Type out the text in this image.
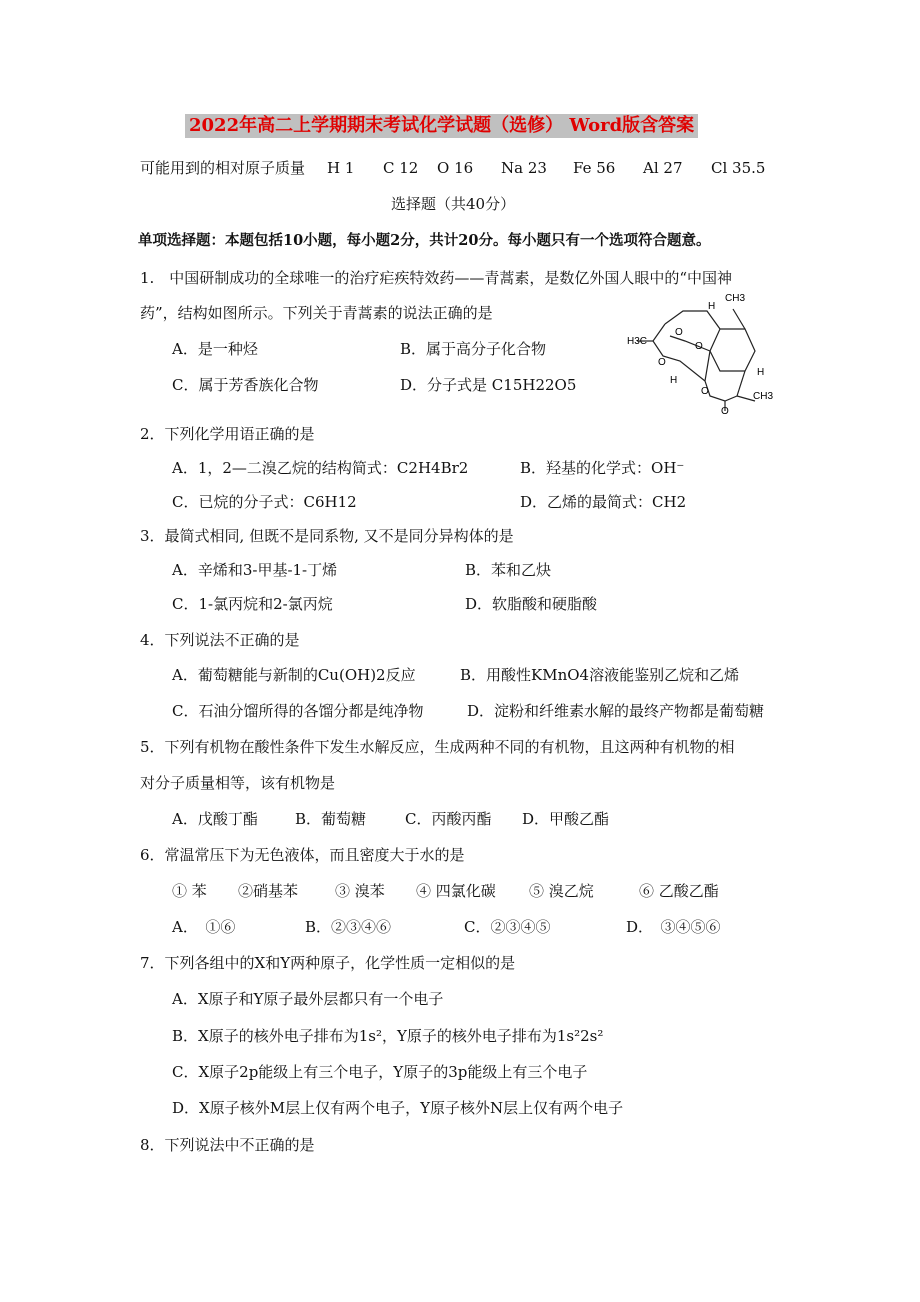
2022年高二上学期期末考试化学试题（选修） Word版含答案
可能用到的相对原子质量 H 1 C 12 O 16 Na 23 Fe 56 Al 27 Cl 35.5
选择题（共40分）
单项选择题：本题包括10小题，每小题2分，共计20分。每小题只有一个选项符合题意。
1.　中国研制成功的全球唯一的治疗疟疾特效药——青蒿素，是数亿外国人眼中的“中国神
药”，结构如图所示。下列关于青蒿素的说法正确的是
A．是一种烃	B．属于高分子化合物
C．属于芳香族化合物	D．分子式是 C15H22O5
CH3
H
H3C
O
O
O
H
H
O	CH3
O
2．下列化学用语正确的是
A．1，2—二溴乙烷的结构简式：C2H4Br2	B．羟基的化学式：OH⁻
C．已烷的分子式：C6H12	D．乙烯的最简式：CH2
3．最简式相同, 但既不是同系物, 又不是同分异构体的是
A．辛烯和3-甲基-1-丁烯	B．苯和乙炔
C．1-氯丙烷和2-氯丙烷	D．软脂酸和硬脂酸
4．下列说法不正确的是
A．葡萄糖能与新制的Cu(OH)2反应	B．用酸性KMnO4溶液能鉴别乙烷和乙烯
C．石油分馏所得的各馏分都是纯净物	D．淀粉和纤维素水解的最终产物都是葡萄糖
5．下列有机物在酸性条件下发生水解反应，生成两种不同的有机物，且这两种有机物的相
对分子质量相等，该有机物是
A．戊酸丁酯 B．葡萄糖	C．丙酸丙酯 D．甲酸乙酯
6．常温常压下为无色液体，而且密度大于水的是
① 苯 ②硝基苯 ③ 溴苯 ④ 四氯化碳 ⑤ 溴乙烷	⑥ 乙酸乙酯
A．　①⑥	B．②③④⑥	C．②③④⑤	D．　③④⑤⑥
7．下列各组中的X和Y两种原子，化学性质一定相似的是
A．X原子和Y原子最外层都只有一个电子
B．X原子的核外电子排布为1s²，Y原子的核外电子排布为1s²2s²
C．X原子2p能级上有三个电子，Y原子的3p能级上有三个电子
D．X原子核外M层上仅有两个电子，Y原子核外N层上仅有两个电子
8．下列说法中不正确的是
